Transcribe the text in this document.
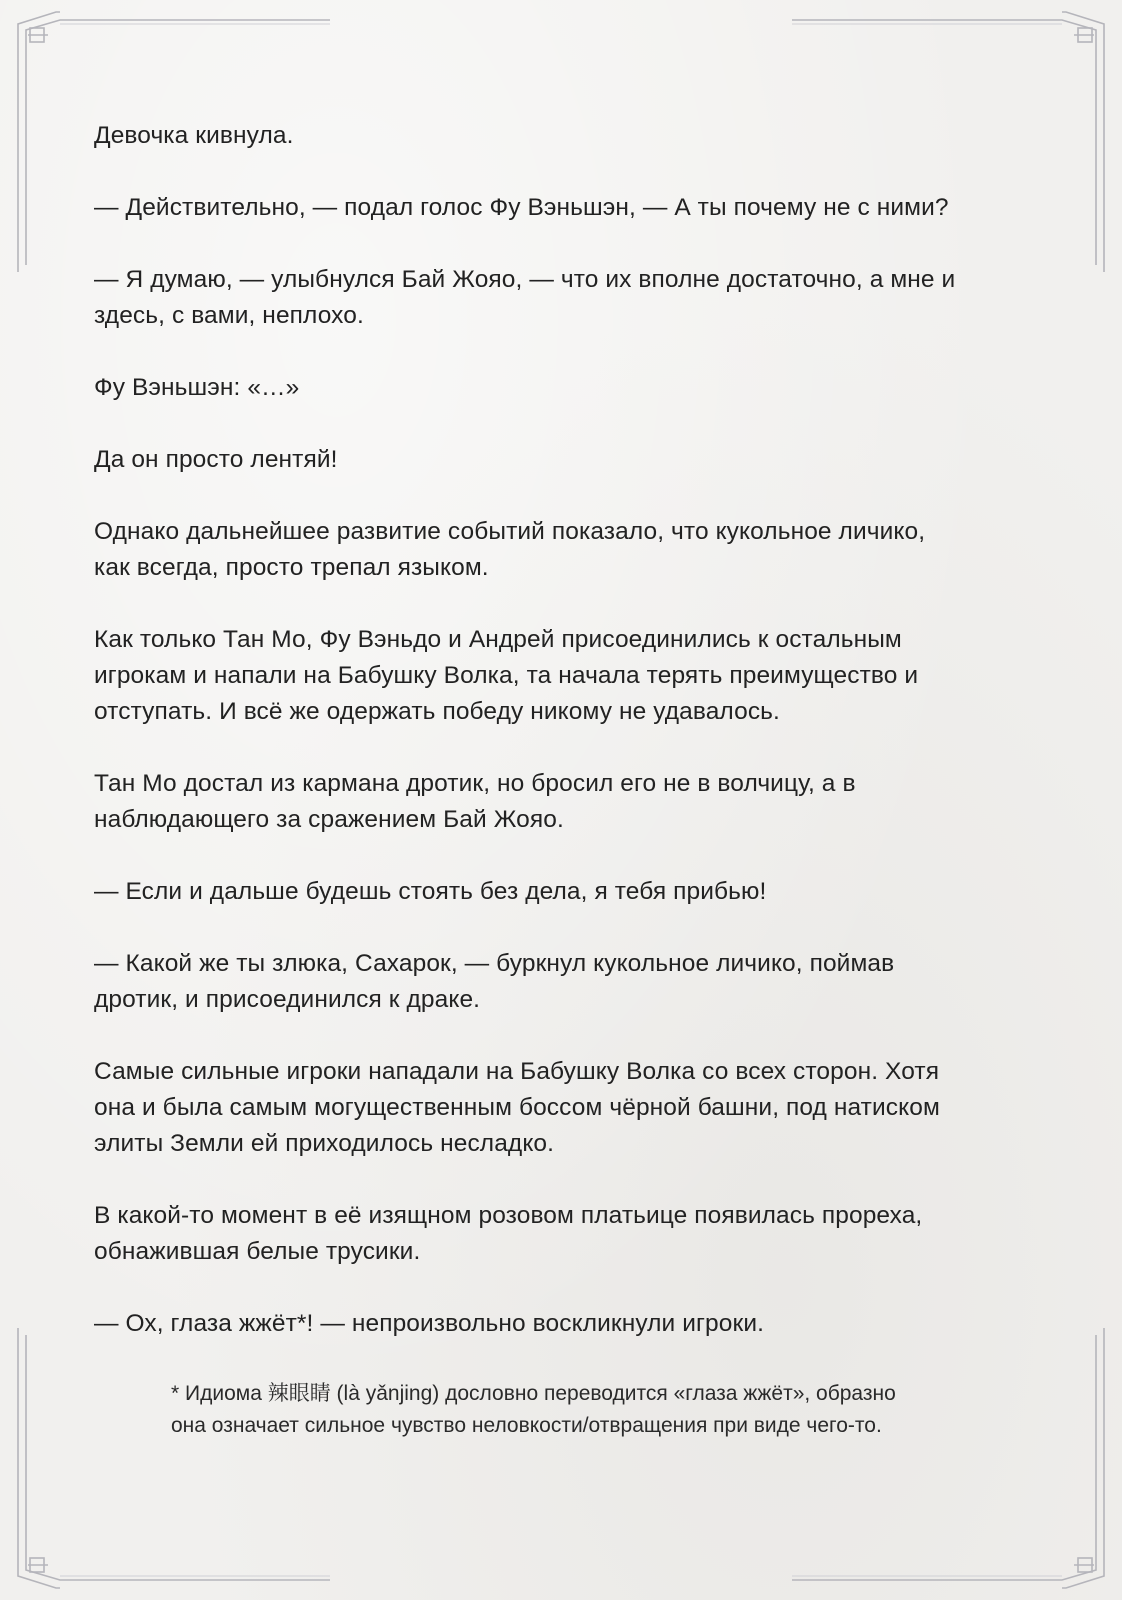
Девочка кивнула.

— Действительно, — подал голос Фу Вэньшэн, — А ты почему не с ними?

— Я думаю, — улыбнулся Бай Жояо, — что их вполне достаточно, а мне и
здесь, с вами, неплохо.

Фу Вэньшэн: «…»

Да он просто лентяй!

Однако дальнейшее развитие событий показало, что кукольное личико,
как всегда, просто трепал языком.

Как только Тан Мо, Фу Вэньдо и Андрей присоединились к остальным
игрокам и напали на Бабушку Волка, та начала терять преимущество и
отступать. И всё же одержать победу никому не удавалось.

Тан Мо достал из кармана дротик, но бросил его не в волчицу, а в
наблюдающего за сражением Бай Жояо.

— Если и дальше будешь стоять без дела, я тебя прибью!

— Какой же ты злюка, Сахарок, — буркнул кукольное личико, поймав
дротик, и присоединился к драке.

Самые сильные игроки нападали на Бабушку Волка со всех сторон. Хотя
она и была самым могущественным боссом чёрной башни, под натиском
элиты Земли ей приходилось несладко.

В какой-то момент в её изящном розовом платьице появилась прореха,
обнажившая белые трусики.

— Ох, глаза жжёт*! — непроизвольно воскликнули игроки.

* Идиома 辣眼睛 (là yǎnjing) дословно переводится «глаза жжёт», образно
она означает сильное чувство неловкости/отвращения при виде чего-то.
